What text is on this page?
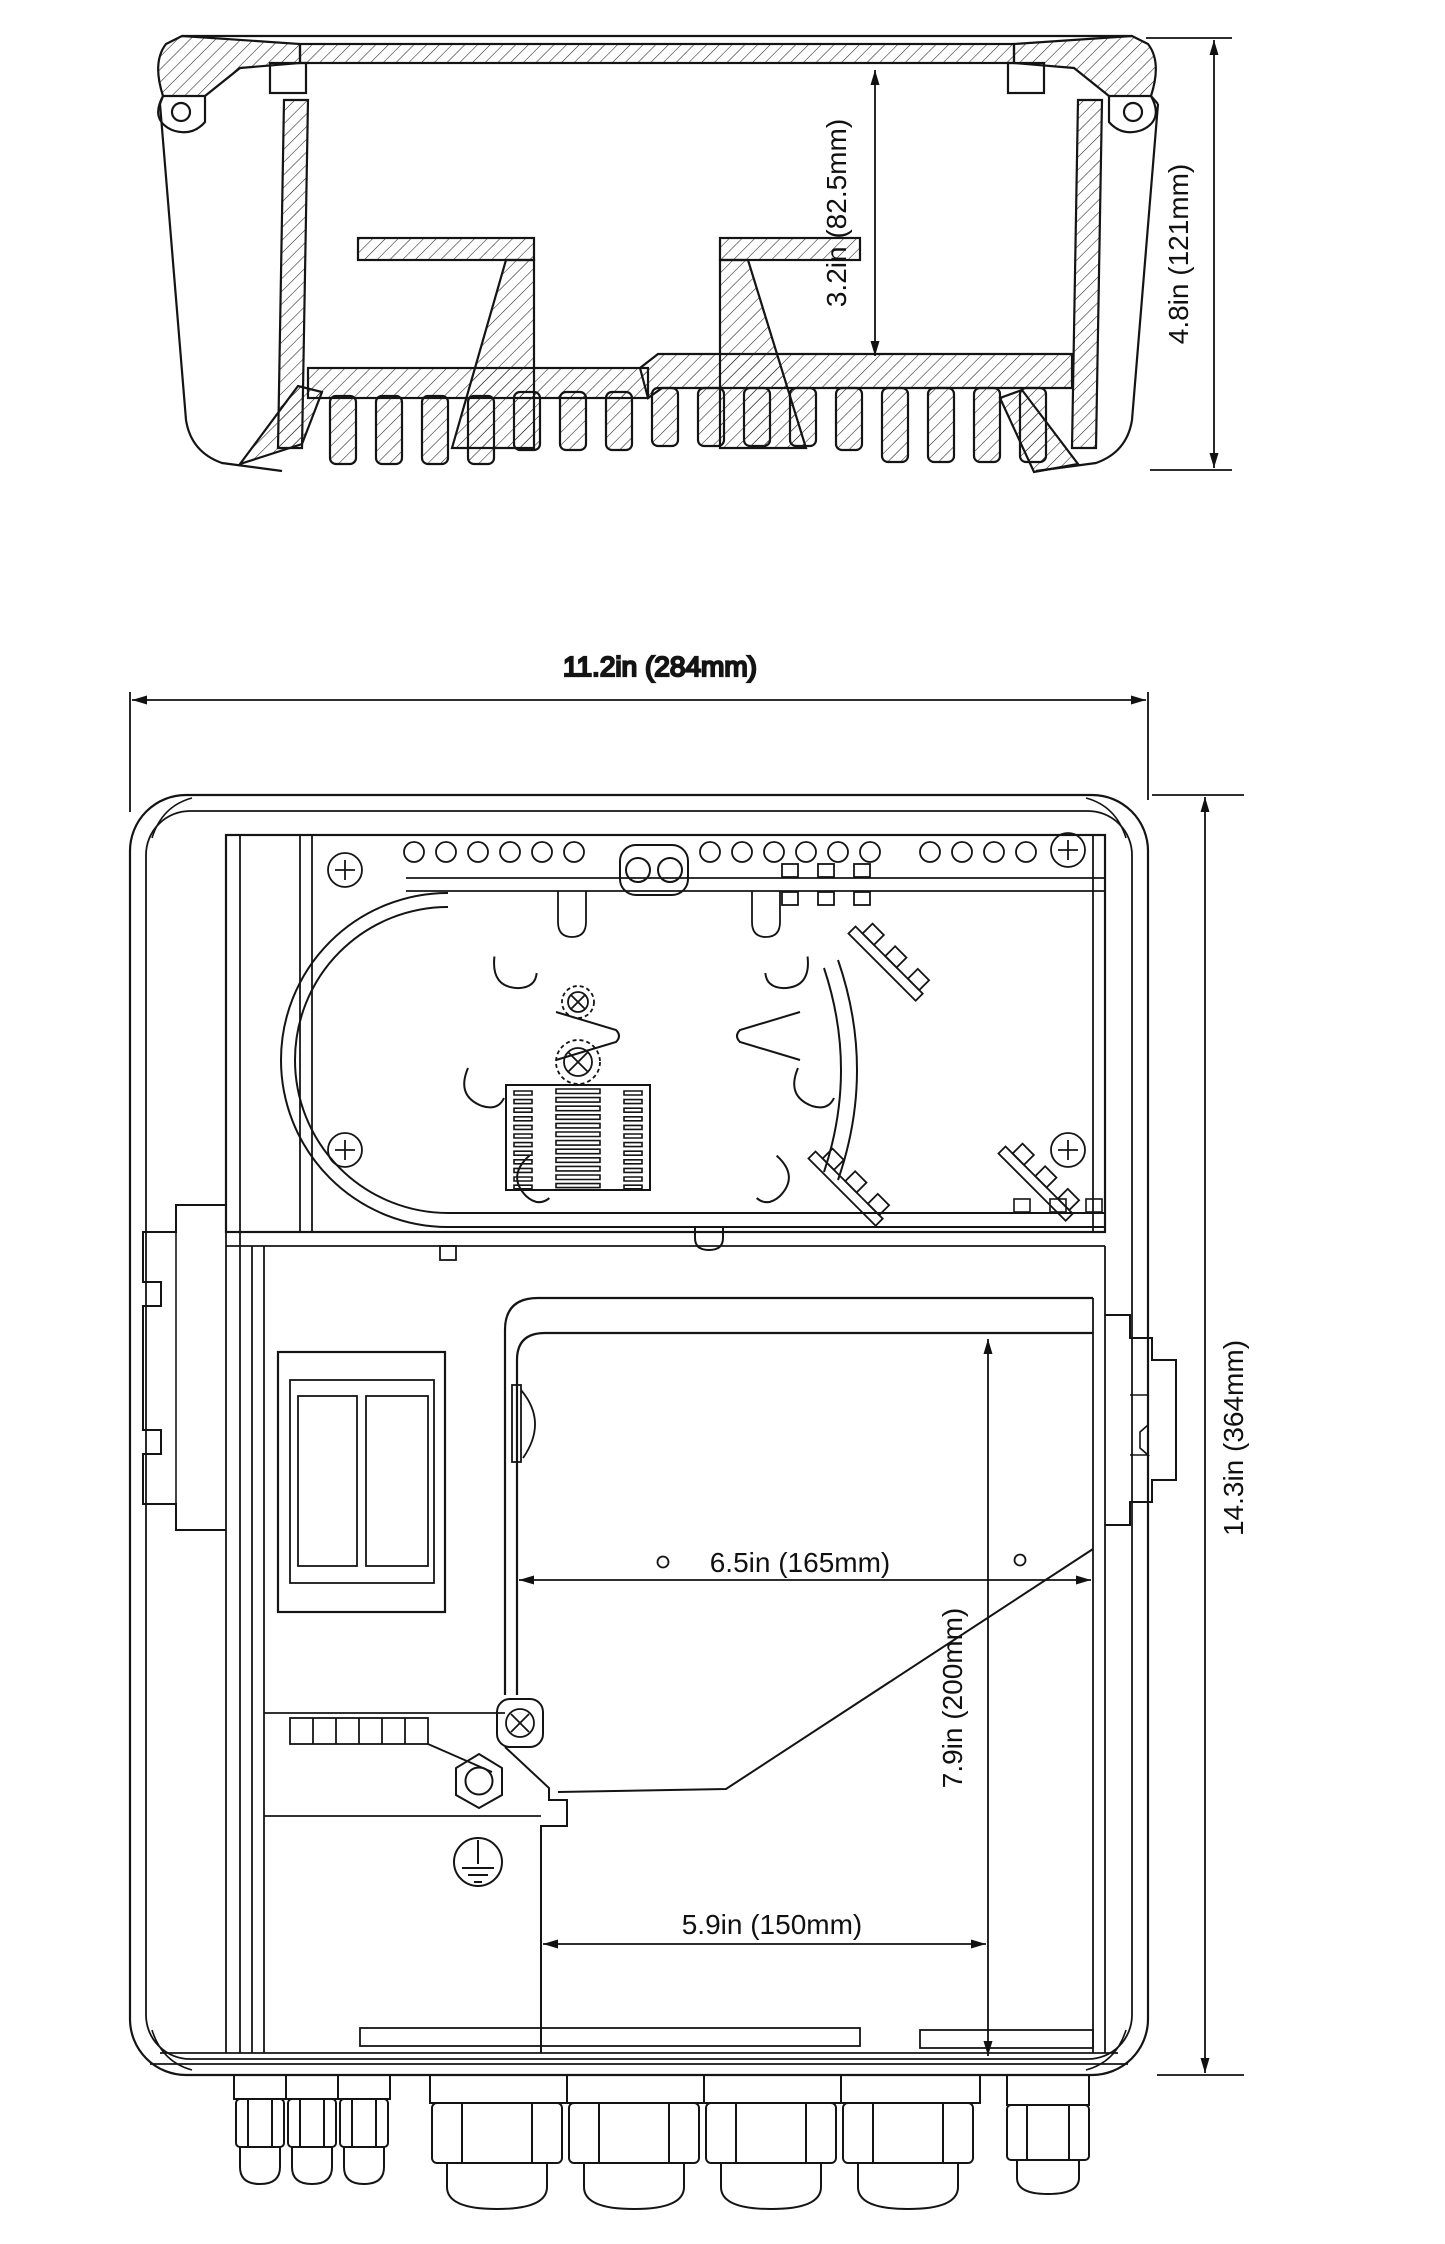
3.2in (82.5mm)	4.8in (121mm)
11.2in (284mm)
14.3in (364mm)
6.5in (165mm)
7.9in (200mm)
5.9in (150mm)
